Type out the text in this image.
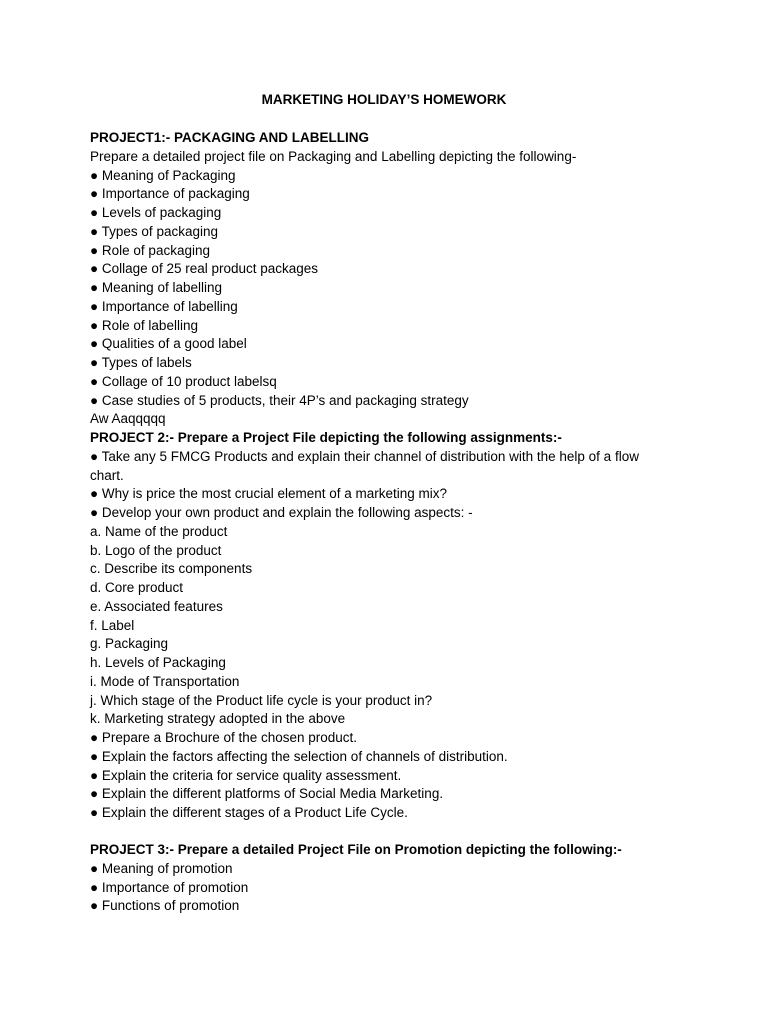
MARKETING HOLIDAY’S HOMEWORK
PROJECT1:- PACKAGING AND LABELLING
Prepare a detailed project file on Packaging and Labelling depicting the following-
● Meaning of Packaging
● Importance of packaging
● Levels of packaging
● Types of packaging
● Role of packaging
● Collage of 25 real product packages
● Meaning of labelling
● Importance of labelling
● Role of labelling
● Qualities of a good label
● Types of labels
● Collage of 10 product labelsq
● Case studies of 5 products, their 4P’s and packaging strategy
Aw Aaqqqqq
PROJECT 2:- Prepare a Project File depicting the following assignments:-
● Take any 5 FMCG Products and explain their channel of distribution with the help of a flow
chart.
● Why is price the most crucial element of a marketing mix?
● Develop your own product and explain the following aspects: -
a. Name of the product
b. Logo of the product
c. Describe its components
d. Core product
e. Associated features
f. Label
g. Packaging
h. Levels of Packaging
i. Mode of Transportation
j. Which stage of the Product life cycle is your product in?
k. Marketing strategy adopted in the above
● Prepare a Brochure of the chosen product.
● Explain the factors affecting the selection of channels of distribution.
● Explain the criteria for service quality assessment.
● Explain the different platforms of Social Media Marketing.
● Explain the different stages of a Product Life Cycle.
PROJECT 3:- Prepare a detailed Project File on Promotion depicting the following:-
● Meaning of promotion
● Importance of promotion
● Functions of promotion
